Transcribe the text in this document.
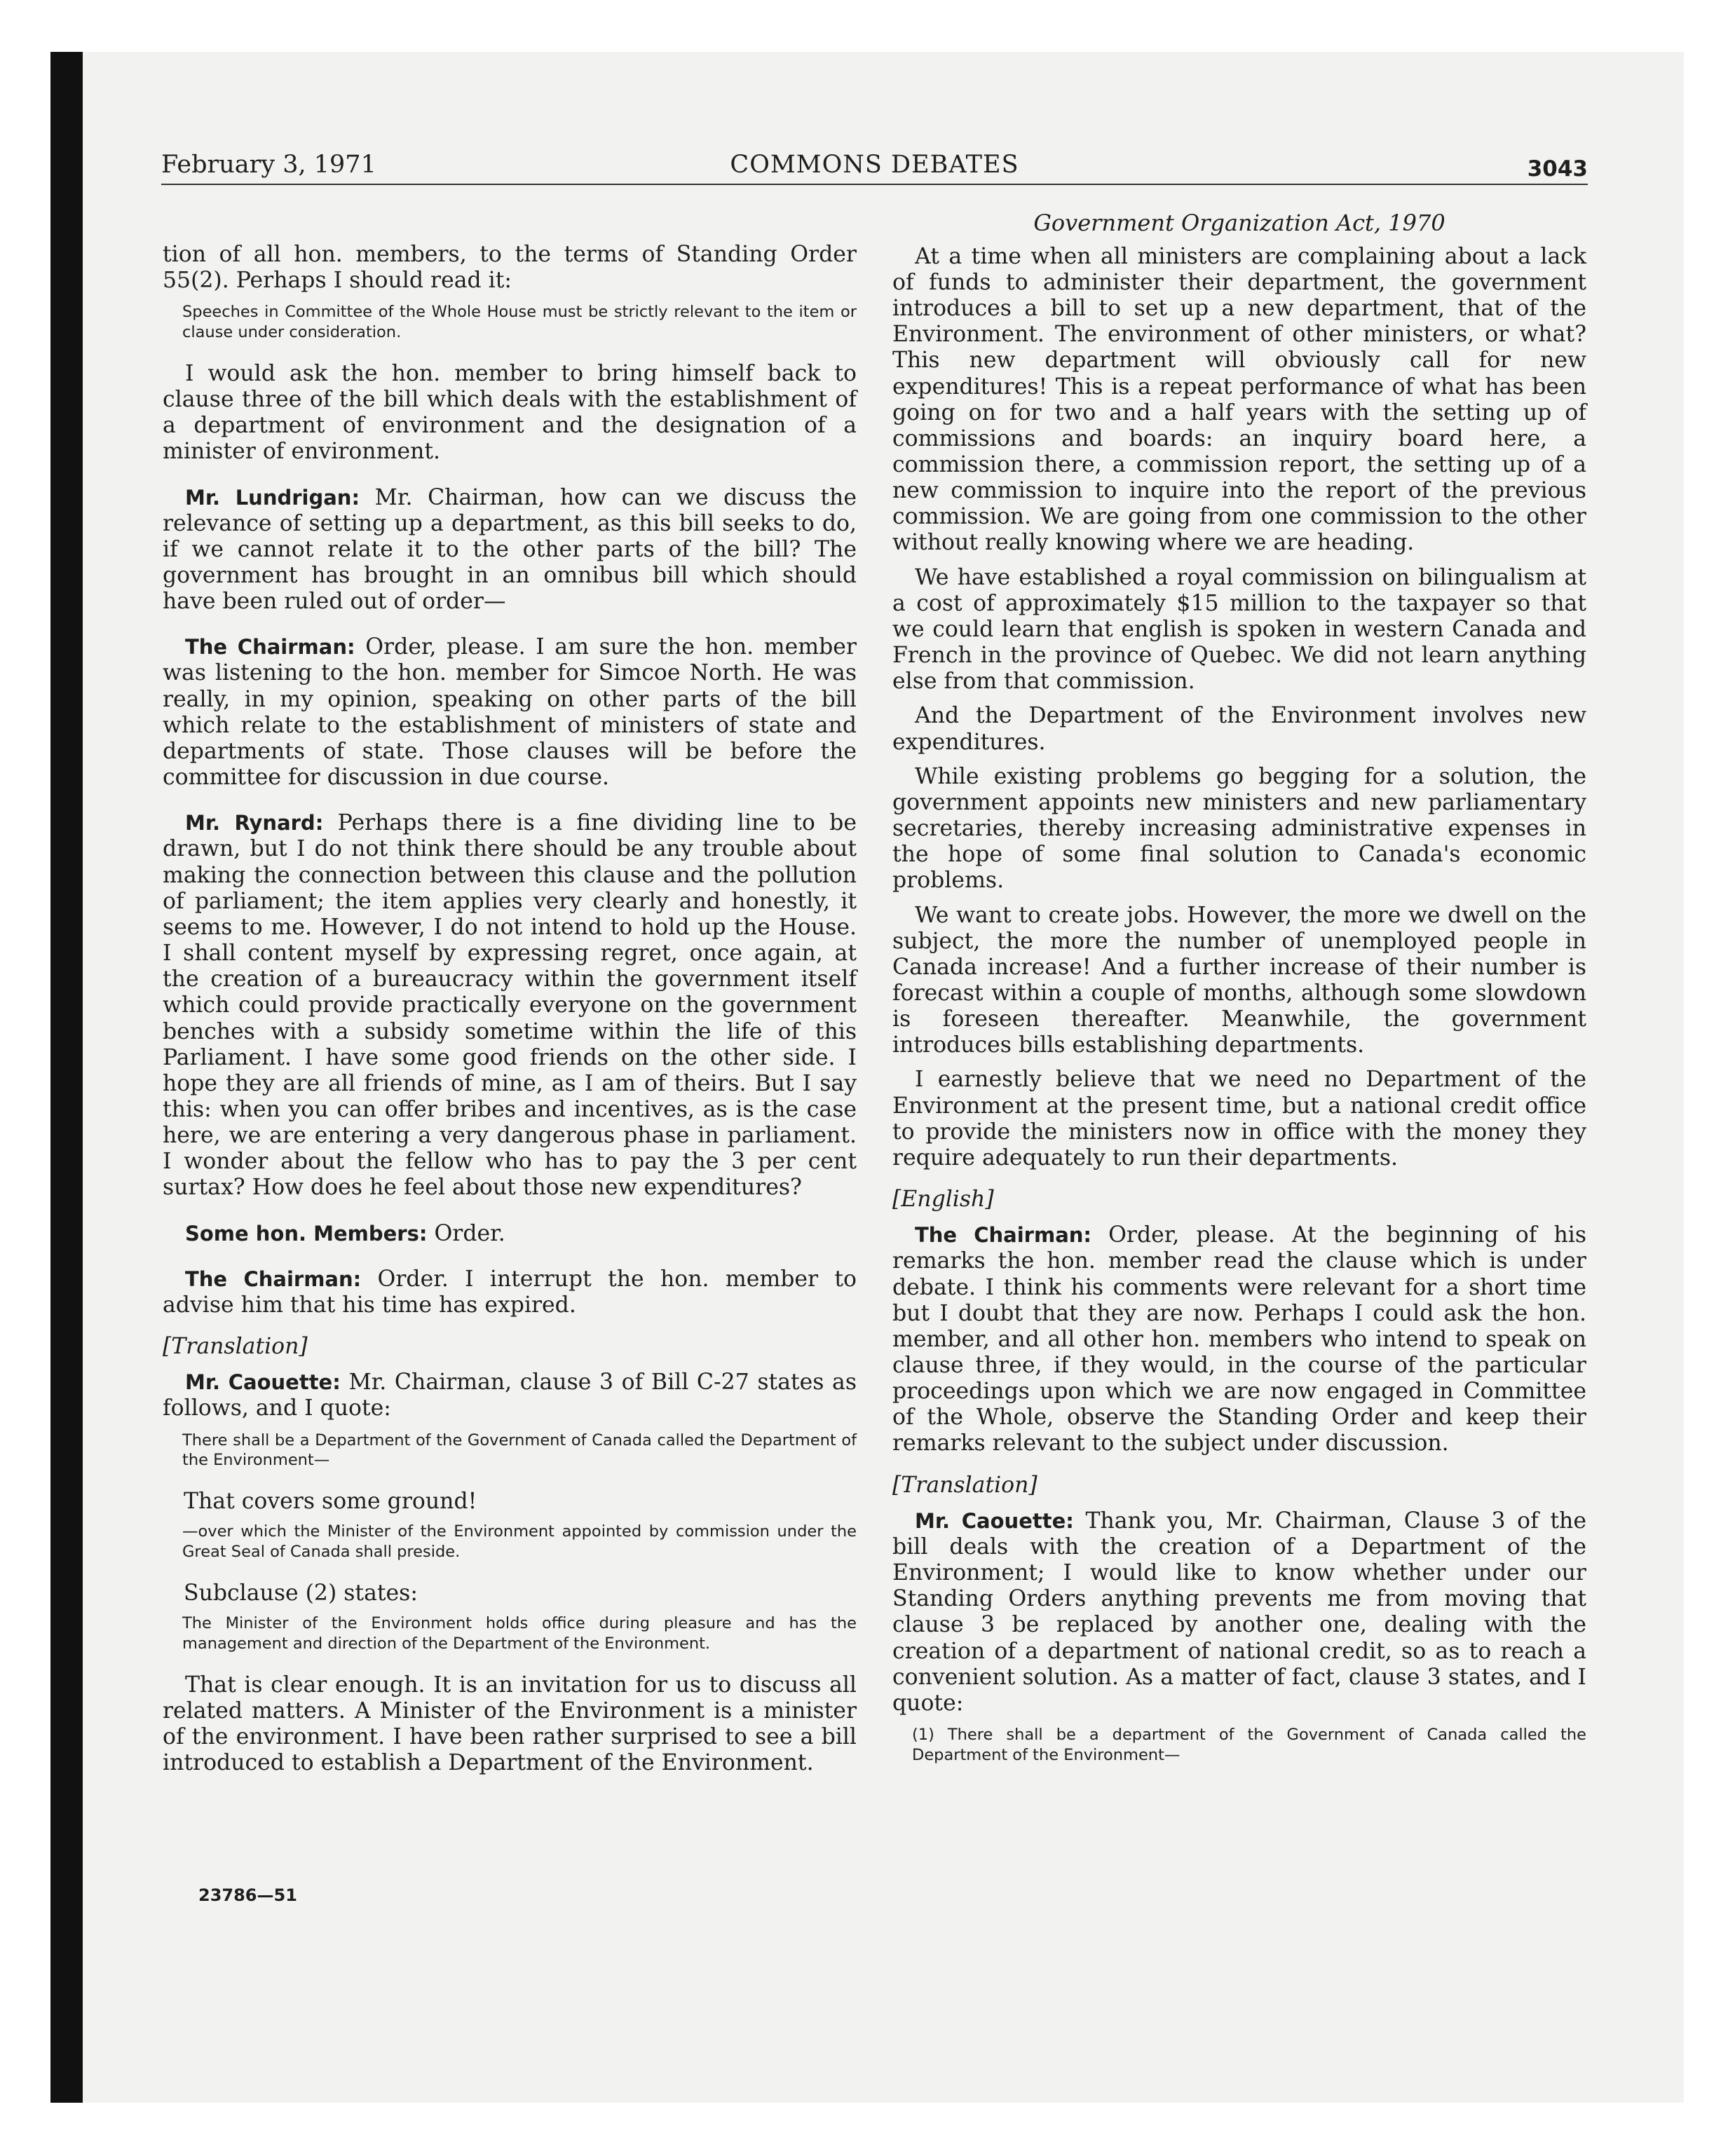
February 3, 1971	COMMONS DEBATES	3043

tion of all hon. members, to the terms of Standing Order 55(2). Perhaps I should read it:

Speeches in Committee of the Whole House must be strictly relevant to the item or clause under consideration.

I would ask the hon. member to bring himself back to clause three of the bill which deals with the establishment of a department of environment and the designation of a minister of environment.

Mr. Lundrigan: Mr. Chairman, how can we discuss the relevance of setting up a department, as this bill seeks to do, if we cannot relate it to the other parts of the bill? The government has brought in an omnibus bill which should have been ruled out of order—

The Chairman: Order, please. I am sure the hon. member was listening to the hon. member for Simcoe North. He was really, in my opinion, speaking on other parts of the bill which relate to the establishment of ministers of state and departments of state. Those clauses will be before the committee for discussion in due course.

Mr. Rynard: Perhaps there is a fine dividing line to be drawn, but I do not think there should be any trouble about making the connection between this clause and the pollution of parliament; the item applies very clearly and honestly, it seems to me. However, I do not intend to hold up the House. I shall content myself by expressing regret, once again, at the creation of a bureaucracy within the government itself which could provide practically everyone on the government benches with a subsidy sometime within the life of this Parliament. I have some good friends on the other side. I hope they are all friends of mine, as I am of theirs. But I say this: when you can offer bribes and incentives, as is the case here, we are entering a very dangerous phase in parliament. I wonder about the fellow who has to pay the 3 per cent surtax? How does he feel about those new expenditures?

Some hon. Members: Order.

The Chairman: Order. I interrupt the hon. member to advise him that his time has expired.

[Translation]

Mr. Caouette: Mr. Chairman, clause 3 of Bill C-27 states as follows, and I quote:

There shall be a Department of the Government of Canada called the Department of the Environment—

That covers some ground!

—over which the Minister of the Environment appointed by commission under the Great Seal of Canada shall preside.

Subclause (2) states:

The Minister of the Environment holds office during pleasure and has the management and direction of the Department of the Environment.

That is clear enough. It is an invitation for us to discuss all related matters. A Minister of the Environment is a minister of the environment. I have been rather surprised to see a bill introduced to establish a Department of the Environment.

23786—51

Government Organization Act, 1970

At a time when all ministers are complaining about a lack of funds to administer their department, the government introduces a bill to set up a new department, that of the Environment. The environment of other ministers, or what? This new department will obviously call for new expenditures! This is a repeat performance of what has been going on for two and a half years with the setting up of commissions and boards: an inquiry board here, a commission there, a commission report, the setting up of a new commission to inquire into the report of the previous commission. We are going from one commission to the other without really knowing where we are heading.

We have established a royal commission on bilingualism at a cost of approximately $15 million to the taxpayer so that we could learn that english is spoken in western Canada and French in the province of Quebec. We did not learn anything else from that commission.

And the Department of the Environment involves new expenditures.

While existing problems go begging for a solution, the government appoints new ministers and new parliamentary secretaries, thereby increasing administrative expenses in the hope of some final solution to Canada's economic problems.

We want to create jobs. However, the more we dwell on the subject, the more the number of unemployed people in Canada increase! And a further increase of their number is forecast within a couple of months, although some slowdown is foreseen thereafter. Meanwhile, the government introduces bills establishing departments.

I earnestly believe that we need no Department of the Environment at the present time, but a national credit office to provide the ministers now in office with the money they require adequately to run their departments.

[English]

The Chairman: Order, please. At the beginning of his remarks the hon. member read the clause which is under debate. I think his comments were relevant for a short time but I doubt that they are now. Perhaps I could ask the hon. member, and all other hon. members who intend to speak on clause three, if they would, in the course of the particular proceedings upon which we are now engaged in Committee of the Whole, observe the Standing Order and keep their remarks relevant to the subject under discussion.

[Translation]

Mr. Caouette: Thank you, Mr. Chairman, Clause 3 of the bill deals with the creation of a Department of the Environment; I would like to know whether under our Standing Orders anything prevents me from moving that clause 3 be replaced by another one, dealing with the creation of a department of national credit, so as to reach a convenient solution. As a matter of fact, clause 3 states, and I quote:

(1) There shall be a department of the Government of Canada called the Department of the Environment—
